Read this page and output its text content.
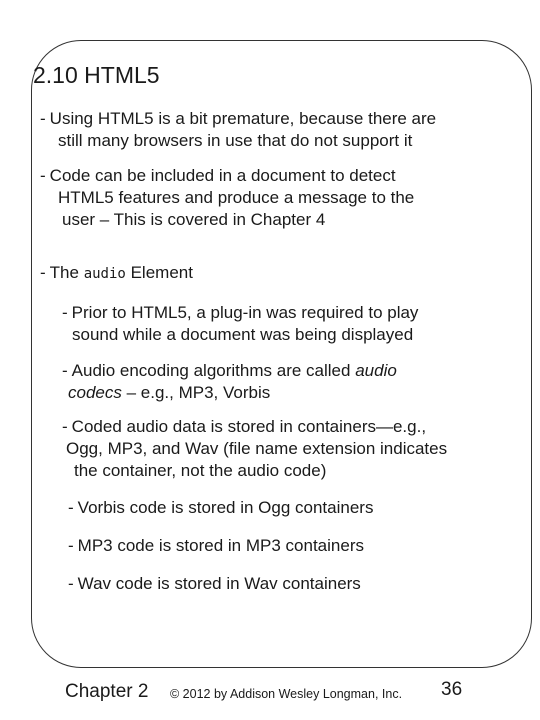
2.10 HTML5

- Using HTML5 is a bit premature, because there are
still many browsers in use that do not support it

- Code can be included in a document to detect
HTML5 features and produce a message to the
user – This is covered in Chapter 4

- The audio Element

- Prior to HTML5, a plug-in was required to play
sound while a document was being displayed

- Audio encoding algorithms are called audio
codecs – e.g., MP3, Vorbis

- Coded audio data is stored in containers—e.g.,
Ogg, MP3, and Wav (file name extension indicates
the container, not the audio code)

- Vorbis code is stored in Ogg containers

- MP3 code is stored in MP3 containers

- Wav code is stored in Wav containers

Chapter 2 © 2012 by Addison Wesley Longman, Inc. 36
